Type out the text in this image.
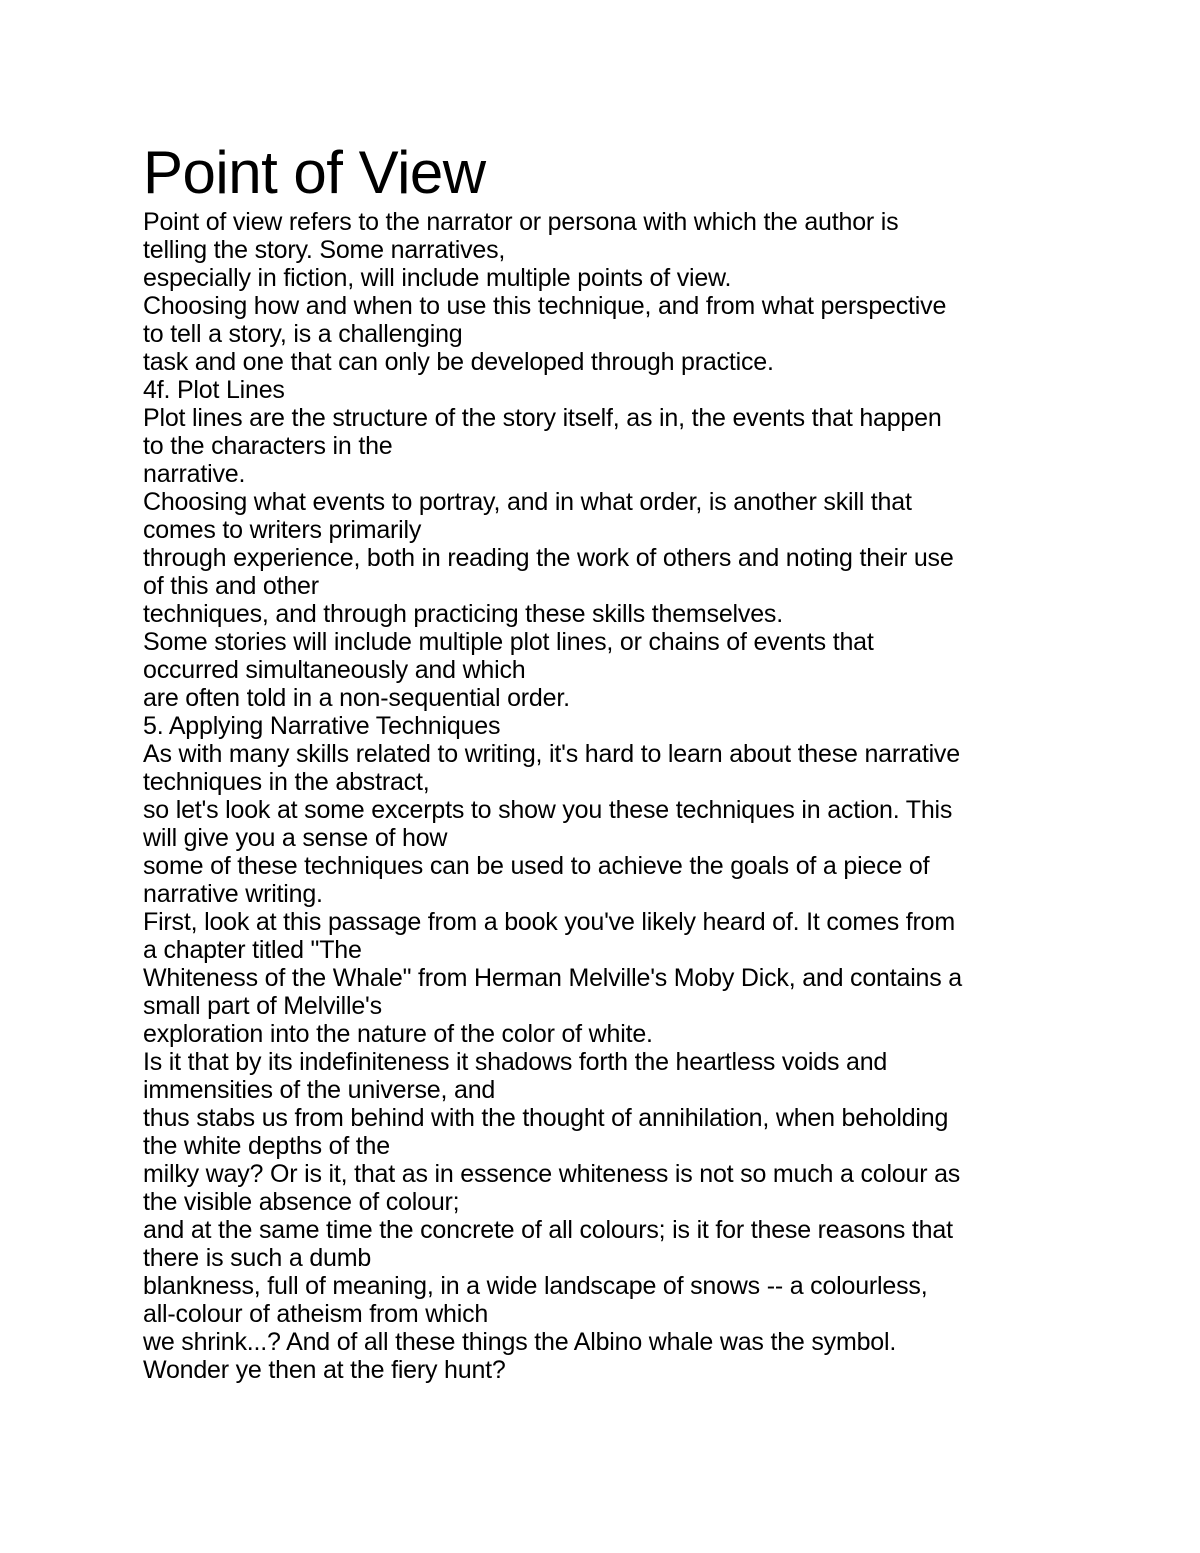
Point of View
Point of view refers to the narrator or persona with which the author is
telling the story. Some narratives,
especially in fiction, will include multiple points of view.
Choosing how and when to use this technique, and from what perspective
to tell a story, is a challenging
task and one that can only be developed through practice.
4f. Plot Lines
Plot lines are the structure of the story itself, as in, the events that happen
to the characters in the
narrative.
Choosing what events to portray, and in what order, is another skill that
comes to writers primarily
through experience, both in reading the work of others and noting their use
of this and other
techniques, and through practicing these skills themselves.
Some stories will include multiple plot lines, or chains of events that
occurred simultaneously and which
are often told in a non-sequential order.
5. Applying Narrative Techniques
As with many skills related to writing, it's hard to learn about these narrative
techniques in the abstract,
so let's look at some excerpts to show you these techniques in action. This
will give you a sense of how
some of these techniques can be used to achieve the goals of a piece of
narrative writing.
First, look at this passage from a book you've likely heard of. It comes from
a chapter titled "The
Whiteness of the Whale" from Herman Melville's Moby Dick, and contains a
small part of Melville's
exploration into the nature of the color of white.
Is it that by its indefiniteness it shadows forth the heartless voids and
immensities of the universe, and
thus stabs us from behind with the thought of annihilation, when beholding
the white depths of the
milky way? Or is it, that as in essence whiteness is not so much a colour as
the visible absence of colour;
and at the same time the concrete of all colours; is it for these reasons that
there is such a dumb
blankness, full of meaning, in a wide landscape of snows -- a colourless,
all-colour of atheism from which
we shrink...? And of all these things the Albino whale was the symbol.
Wonder ye then at the fiery hunt?
